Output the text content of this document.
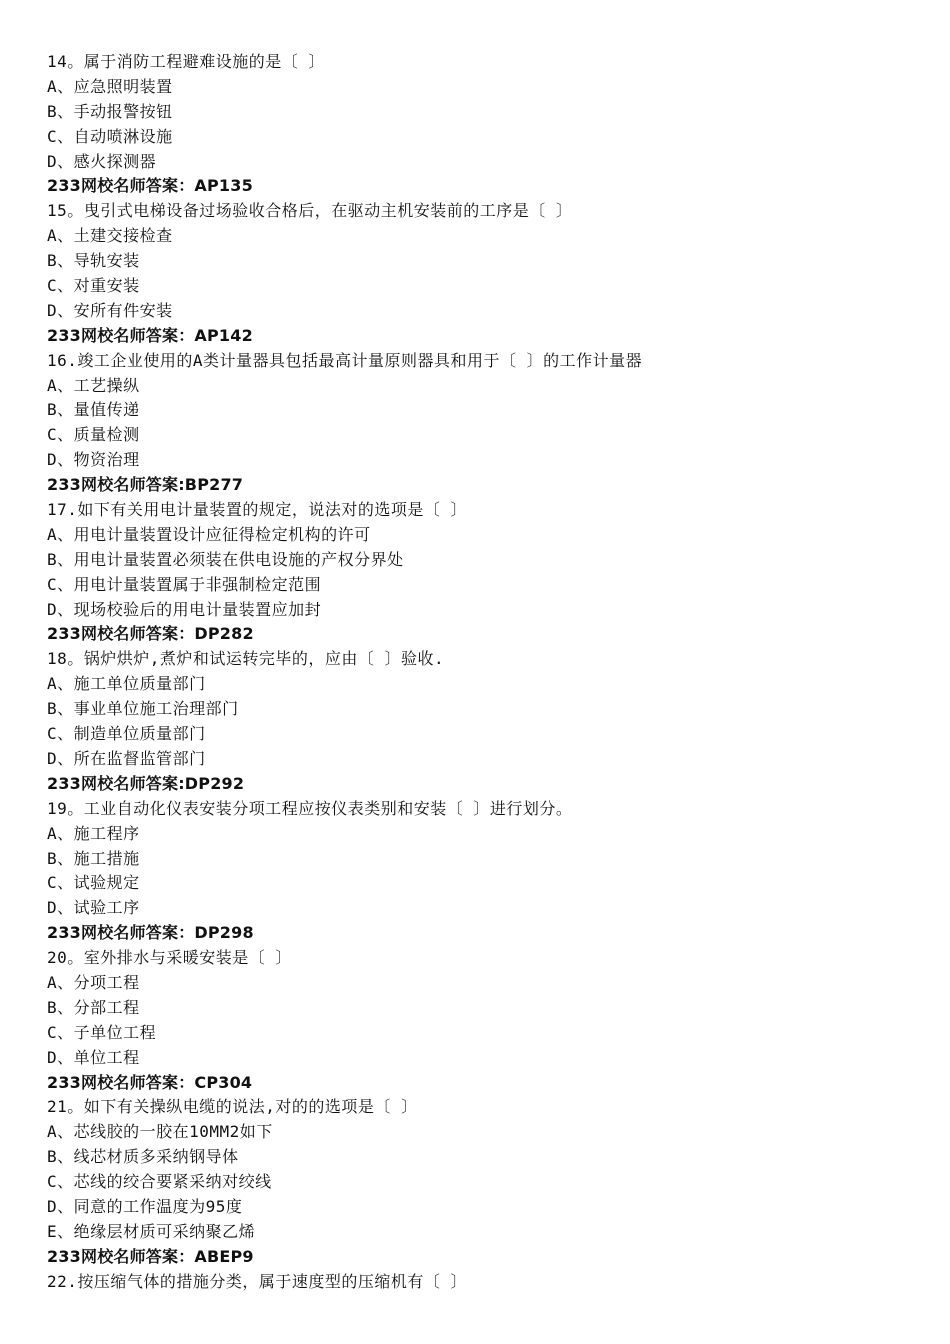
14。属于消防工程避难设施的是〔 〕
A、应急照明装置
B、手动报警按钮
C、自动喷淋设施
D、感火探测器
233网校名师答案：AP135
15。曳引式电梯设备过场验收合格后，在驱动主机安装前的工序是〔 〕
A、土建交接检查
B、导轨安装
C、对重安装
D、安所有件安装
233网校名师答案：AP142
16.竣工企业使用的A类计量器具包括最高计量原则器具和用于〔 〕的工作计量器
A、工艺操纵
B、量值传递
C、质量检测
D、物资治理
233网校名师答案:BP277
17.如下有关用电计量装置的规定，说法对的选项是〔 〕
A、用电计量装置设计应征得检定机构的许可
B、用电计量装置必须装在供电设施的产权分界处
C、用电计量装置属于非强制检定范围
D、现场校验后的用电计量装置应加封
233网校名师答案：DP282
18。锅炉烘炉,煮炉和试运转完毕的，应由〔 〕验收.
A、施工单位质量部门
B、事业单位施工治理部门
C、制造单位质量部门
D、所在监督监管部门
233网校名师答案:DP292
19。工业自动化仪表安装分项工程应按仪表类别和安装〔 〕进行划分。
A、施工程序
B、施工措施
C、试验规定
D、试验工序
233网校名师答案：DP298
20。室外排水与采暖安装是〔 〕
A、分项工程
B、分部工程
C、子单位工程
D、单位工程
233网校名师答案：CP304
21。如下有关操纵电缆的说法,对的的选项是〔 〕
A、芯线胶的一胶在10MM2如下
B、线芯材质多采纳钢导体
C、芯线的绞合要紧采纳对绞线
D、同意的工作温度为95度
E、绝缘层材质可采纳聚乙烯
233网校名师答案：ABEP9
22.按压缩气体的措施分类，属于速度型的压缩机有〔 〕
